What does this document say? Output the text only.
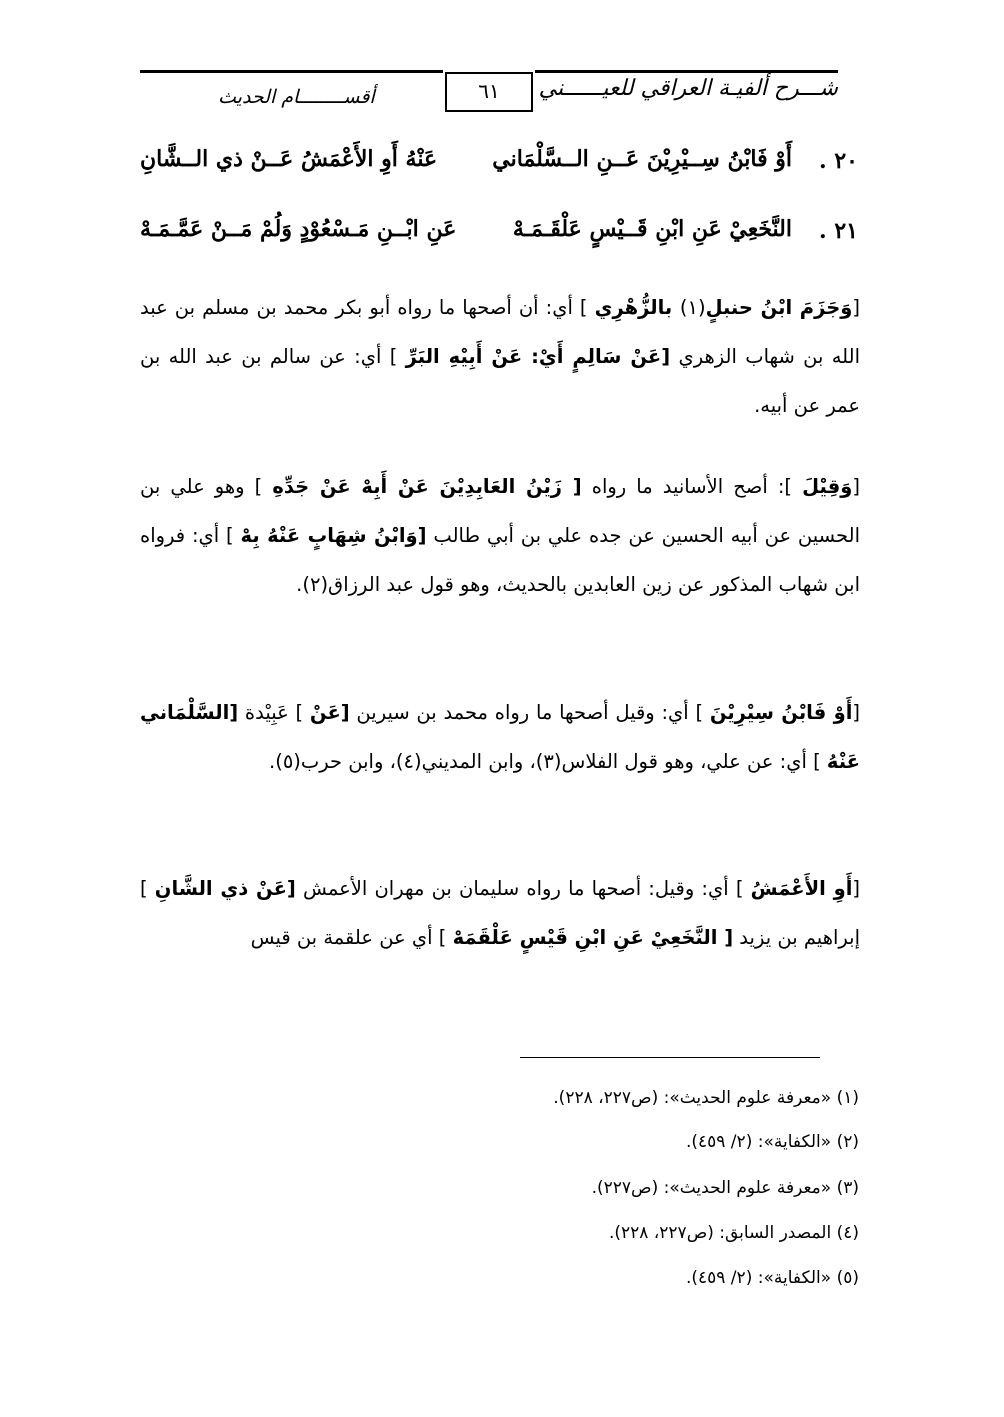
شـــرح ألفيـة العراقي للعيــــــني
٦١
أقســــــــام الحديث
٢٠ .
أَوْ فَابْنُ سِــيْرِيْنَ عَــنِ الــسَّلْمَاني
عَنْهُ أَوِ الأَعْمَشُ عَــنْ ذي الــشَّانِ
٢١ .
النَّخَعِيْ عَنِ ابْنِ قَــيْسٍ عَلْقَـمَـهْ
عَنِ ابْــنِ مَـسْعُوْدٍ وَلُمْ مَــنْ عَمَّـمَـهْ
[وَجَزَمَ ابْنُ حنبلٍ(١) بالزُّهْرِي ] أي: أن أصحها ما رواه أبو بكر محمد بن مسلم بن عبد الله بن شهاب الزهري [عَنْ سَالِمٍ أَيْ: عَنْ أَبِيْهِ البَرِّ ] أي: عن سالم بن عبد الله بن عمر عن أبيه.
[وَقِيْلَ ]: أصح الأسانيد ما رواه [ زَيْنُ العَابِدِيْنَ عَنْ أَبِهْ عَنْ جَدِّهِ ] وهو علي بن الحسين عن أبيه الحسين عن جده علي بن أبي طالب [وَابْنُ شِهَابٍ عَنْهُ بِهْ ] أي: فرواه ابن شهاب المذكور عن زين العابدين بالحديث، وهو قول عبد الرزاق(٢).
[أَوْ فَابْنُ سِيْرِيْنَ ] أي: وقيل أصحها ما رواه محمد بن سيرين [عَنْ ] عَبِيْدة [السَّلْمَاني عَنْهُ ] أي: عن علي، وهو قول الفلاس(٣)، وابن المديني(٤)، وابن حرب(٥).
[أَوِ الأَعْمَشُ ] أي: وقيل: أصحها ما رواه سليمان بن مهران الأعمش [عَنْ ذي الشَّانِ ] إبراهيم بن يزيد [ النَّخَعِيْ عَنِ ابْنِ قَيْسٍ عَلْقَمَهْ ] أي عن علقمة بن قيس
(١) «معرفة علوم الحديث»: (ص٢٢٧، ٢٢٨).
(٢) «الكفاية»: (٢/ ٤٥٩).
(٣) «معرفة علوم الحديث»: (ص٢٢٧).
(٤) المصدر السابق: (ص٢٢٧، ٢٢٨).
(٥) «الكفاية»: (٢/ ٤٥٩).
